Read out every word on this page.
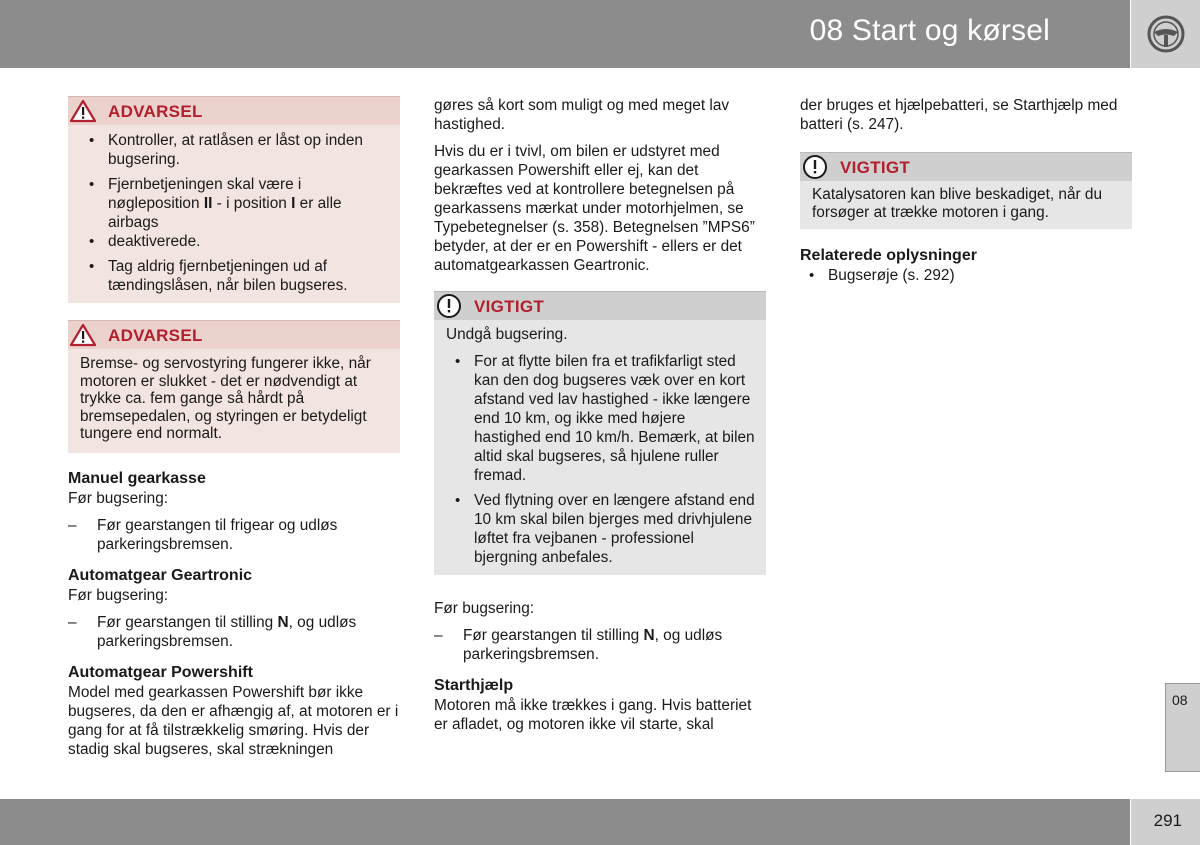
08 Start og kørsel
ADVARSEL
• Kontroller, at ratlåsen er låst op inden bugsering.
• Fjernbetjeningen skal være i nøgleposition II - i position I er alle airbags
• deaktiverede.
• Tag aldrig fjernbetjeningen ud af tændingslåsen, når bilen bugseres.
ADVARSEL

Bremse- og servostyring fungerer ikke, når motoren er slukket - det er nødvendigt at trykke ca. fem gange så hårdt på bremsepedalen, og styringen er betydeligt tungere end normalt.

Manuel gearkasse

Før bugsering:

– Før gearstangen til frigear og udløs parkeringsbremsen.
Automatgear Geartronic

Før bugsering:

– Før gearstangen til stilling N, og udløs parkeringsbremsen.
Automatgear Powershift

Model med gearkassen Powershift bør ikke bugseres, da den er afhængig af, at motoren er i gang for at få tilstrækkelig smøring. Hvis der stadig skal bugseres, skal strækningen

gøres så kort som muligt og med meget lav hastighed.

Hvis du er i tvivl, om bilen er udstyret med gearkassen Powershift eller ej, kan det bekræftes ved at kontrollere betegnelsen på gearkassens mærkat under motorhjelmen, se Typebetegnelser (s. 358). Betegnelsen ”MPS6” betyder, at der er en Powershift - ellers er det automatgearkassen Geartronic.

VIGTIGT

Undgå bugsering.

• For at flytte bilen fra et trafikfarligt sted kan den dog bugseres væk over en kort afstand ved lav hastighed - ikke længere end 10 km, og ikke med højere hastighed end 10 km/h. Bemærk, at bilen altid skal bugseres, så hjulene ruller fremad.
• Ved flytning over en længere afstand end 10 km skal bilen bjerges med drivhjulene løftet fra vejbanen - professionel bjergning anbefales.

Før bugsering:

– Før gearstangen til stilling N, og udløs parkeringsbremsen.
Starthjælp

Motoren må ikke trækkes i gang. Hvis batteriet er afladet, og motoren ikke vil starte, skal

der bruges et hjælpebatteri, se Starthjælp med batteri (s. 247).

VIGTIGT

Katalysatoren kan blive beskadiget, når du forsøger at trække motoren i gang.

Relaterede oplysninger
• Bugserøje (s. 292)
08
291
